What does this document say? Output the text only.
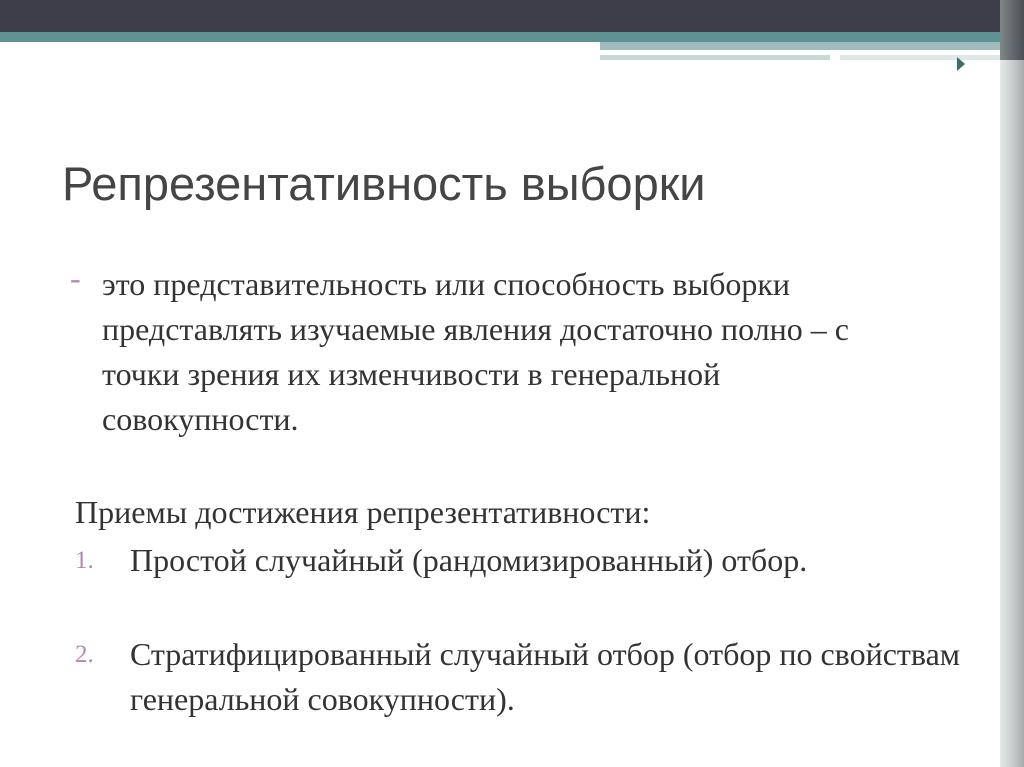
Репрезентативность выборки
- это представительность или способность выборки представлять изучаемые явления достаточно полно – с точки зрения их изменчивости в генеральной совокупности.
Приемы достижения репрезентативности:
1.	Простой случайный (рандомизированный) отбор.
2.	Стратифицированный случайный отбор (отбор по свойствам генеральной совокупности).
